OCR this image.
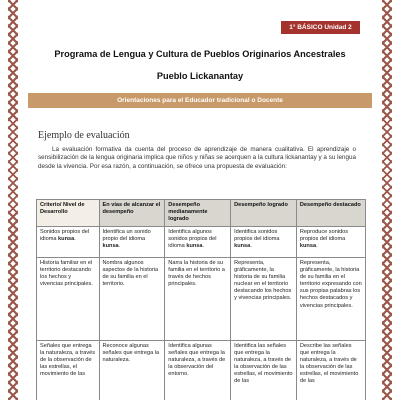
1° BÁSICO Unidad 2
Programa de Lengua y Cultura de Pueblos Originarios Ancestrales
Pueblo Lickanantay
Orientaciones para el Educador tradicional o Docente
Ejemplo de evaluación

La evaluación formativa da cuenta del proceso de aprendizaje de manera cualitativa. El aprendizaje o sensibilización de la lengua originaria implica que niños y niñas se acerquen a la cultura lickanantay y a su lengua desde la vivencia. Por esa razón, a continuación, se ofrece una propuesta de evaluación:

Criterio/ Nivel de Desarrollo	En vías de alcanzar el desempeño	Desempeño medianamente logrado	Desempeño logrado	Desempeño destacado
Sonidos propios del idioma kunsa.	Identifica un sonido propio del idioma kunsa.	Identifica algunos sonidos propios del idioma kunsa.	Identifica sonidos propios del idioma kunsa.	Reproduce sonidos propios del idioma kunsa.
Historia familiar en el territorio destacando los hechos y vivencias principales.	Nombra algunos aspectos de la historia de su familia en el territorio.	Narra la historia de su familia en el territorio a través de hechos principales.	Representa, gráficamente, la historia de su familia nuclear en el territorio destacando los hechos y vivencias principales.	Representa, gráficamente, la historia de su familia en el territorio expresando con sus propias palabras los hechos destacados y vivencias principales.
Señales que entrega la naturaleza, a través de la observación de las estrellas, el movimiento de las	Reconoce algunas señales que entrega la naturaleza.	Identifica algunas señales que entrega la naturaleza, a través de la observación del entorno.	Identifica las señales que entrega la naturaleza, a través de la observación de las estrellas, el movimiento de las	Describe las señales que entrega la naturaleza, a través de la observación de las estrellas, el movimiento de las
